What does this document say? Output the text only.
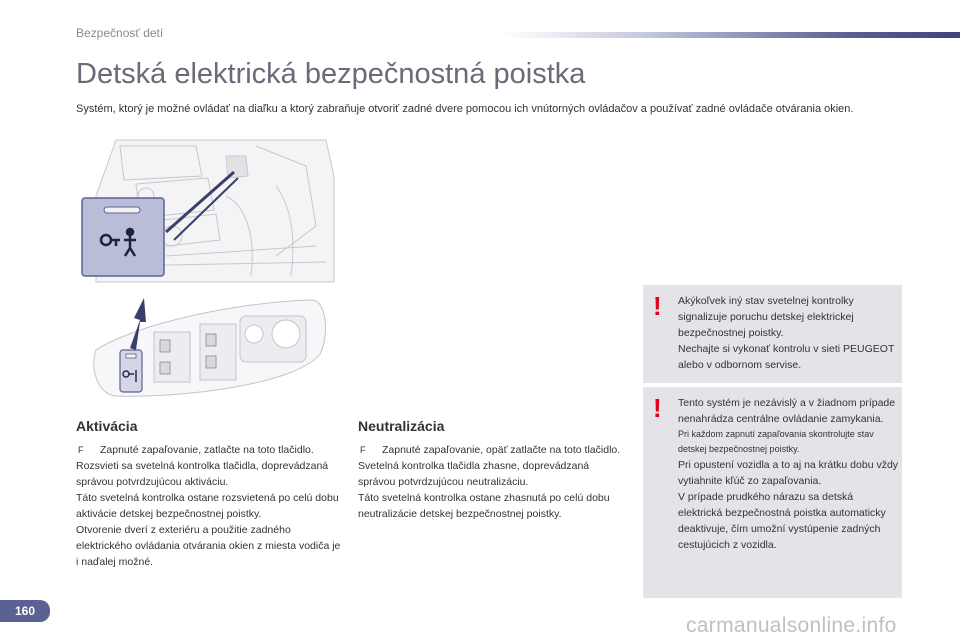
Bezpečnosť detí
Detská elektrická bezpečnostná poistka

Systém, ktorý je možné ovládať na diaľku a ktorý zabraňuje otvoriť zadné dvere pomocou ich vnútorných ovládačov a používať zadné ovládače otvárania okien.

Aktivácia
F	Zapnuté zapaľovanie, zatlačte na toto tlačidlo.

Rozsvieti sa svetelná kontrolka tlačidla, doprevádzaná správou potvrdzujúcou aktiváciu.

Táto svetelná kontrolka ostane rozsvietená po celú dobu aktivácie detskej bezpečnostnej poistky.

Otvorenie dverí z exteriéru a použitie zadného elektrického ovládania otvárania okien z miesta vodiča je i naďalej možné.

Neutralizácia
F	Zapnuté zapaľovanie, opäť zatlačte na toto tlačidlo.

Svetelná kontrolka tlačidla zhasne, doprevádzaná správou potvrdzujúcou neutralizáciu.

Táto svetelná kontrolka ostane zhasnutá po celú dobu neutralizácie detskej bezpečnostnej poistky.

! Akýkoľvek iný stav svetelnej kontrolky signalizuje poruchu detskej elektrickej bezpečnostnej poistky.

Nechajte si vykonať kontrolu v sieti PEUGEOT alebo v odbornom servise.

! Tento systém je nezávislý a v žiadnom prípade nenahrádza centrálne ovládanie zamykania.

Pri každom zapnutí zapaľovania skontrolujte stav detskej bezpečnostnej poistky.

Pri opustení vozidla a to aj na krátku dobu vždy vytiahnite kľúč zo zapaľovania.

V prípade prudkého nárazu sa detská elektrická bezpečnostná poistka automaticky deaktivuje, čím umožní vystúpenie zadných cestujúcich z vozidla.

160
carmanualsonline.info
